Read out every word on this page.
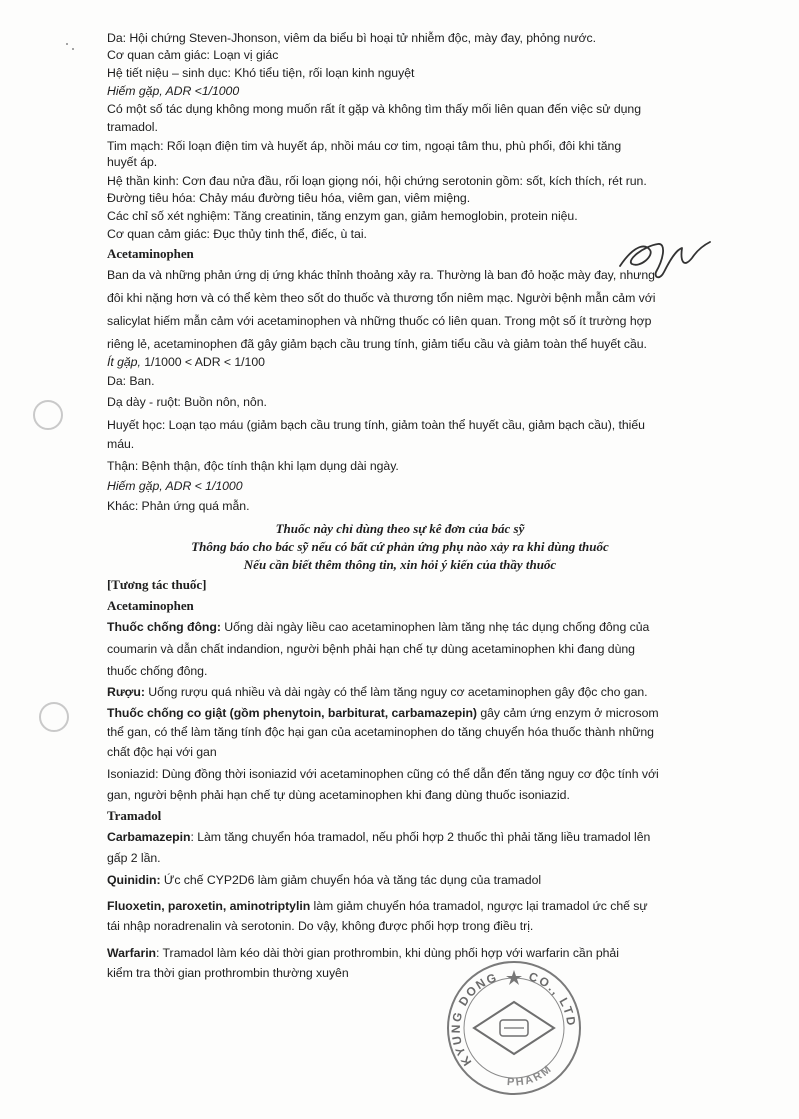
Da: Hội chứng Steven-Jhonson, viêm da biểu bì hoại tử nhiễm độc, mày đay, phỏng nước.
Cơ quan cảm giác: Loạn vị giác
Hệ tiết niệu – sinh dục: Khó tiểu tiện, rối loạn kinh nguyệt
Hiếm gặp, ADR <1/1000
Có một số tác dụng không mong muốn rất ít gặp và không tìm thấy mối liên quan đến việc sử dụng
tramadol.
Tim mạch: Rối loạn điện tim và huyết áp, nhồi máu cơ tim, ngoại tâm thu, phù phổi, đôi khi tăng
huyết áp.
Hệ thần kinh: Cơn đau nửa đầu, rối loạn giọng nói, hội chứng serotonin gồm: sốt, kích thích, rét run.
Đường tiêu hóa: Chảy máu đường tiêu hóa, viêm gan, viêm miệng.
Các chỉ số xét nghiệm: Tăng creatinin, tăng enzym gan, giảm hemoglobin, protein niệu.
Cơ quan cảm giác: Đục thủy tinh thể, điếc, ù tai.
Acetaminophen
Ban da và những phản ứng dị ứng khác thỉnh thoảng xảy ra. Thường là ban đỏ hoặc mày đay, nhưng
đôi khi nặng hơn và có thể kèm theo sốt do thuốc và thương tổn niêm mạc. Người bệnh mẫn cảm với
salicylat hiếm mẫn cảm với acetaminophen và những thuốc có liên quan. Trong một số ít trường hợp
riêng lẻ, acetaminophen đã gây giảm bạch cầu trung tính, giảm tiểu cầu và giảm toàn thể huyết cầu.
Ít gặp, 1/1000 < ADR < 1/100
Da: Ban.
Dạ dày - ruột: Buồn nôn, nôn.
Huyết học: Loạn tạo máu (giảm bạch cầu trung tính, giảm toàn thể huyết cầu, giảm bạch cầu), thiếu
máu.
Thận: Bệnh thận, độc tính thận khi lạm dụng dài ngày.
Hiếm gặp, ADR < 1/1000
Khác: Phản ứng quá mẫn.
Thuốc này chỉ dùng theo sự kê đơn của bác sỹ
Thông báo cho bác sỹ nếu có bất cứ phản ứng phụ nào xảy ra khi dùng thuốc
Nếu cần biết thêm thông tin, xin hỏi ý kiến của thầy thuốc
[Tương tác thuốc]
Acetaminophen
Thuốc chống đông: Uống dài ngày liều cao acetaminophen làm tăng nhẹ tác dụng chống đông của
coumarin và dẫn chất indandion, người bệnh phải hạn chế tự dùng acetaminophen khi đang dùng
thuốc chống đông.
Rượu: Uống rượu quá nhiều và dài ngày có thể làm tăng nguy cơ acetaminophen gây độc cho gan.
Thuốc chống co giật (gồm phenytoin, barbiturat, carbamazepin) gây cảm ứng enzym ở microsom
thể gan, có thể làm tăng tính độc hại gan của acetaminophen do tăng chuyển hóa thuốc thành những
chất độc hại với gan
Isoniazid: Dùng đồng thời isoniazid với acetaminophen cũng có thể dẫn đến tăng nguy cơ độc tính với
gan, người bệnh phải hạn chế tự dùng acetaminophen khi đang dùng thuốc isoniazid.
Tramadol
Carbamazepin: Làm tăng chuyển hóa tramadol, nếu phối hợp 2 thuốc thì phải tăng liều tramadol lên
gấp 2 lần.
Quinidin: Ức chế CYP2D6 làm giảm chuyển hóa và tăng tác dụng của tramadol
Fluoxetin, paroxetin, aminotriptylin làm giảm chuyển hóa tramadol, ngược lại tramadol ức chế sự
tái nhập noradrenalin và serotonin. Do vậy, không được phối hợp trong điều trị.
Warfarin: Tramadol làm kéo dài thời gian prothrombin, khi dùng phối hợp với warfarin cần phải
kiểm tra thời gian prothrombin thường xuyên
KYUNG DONG CO., LTD
PHARM
